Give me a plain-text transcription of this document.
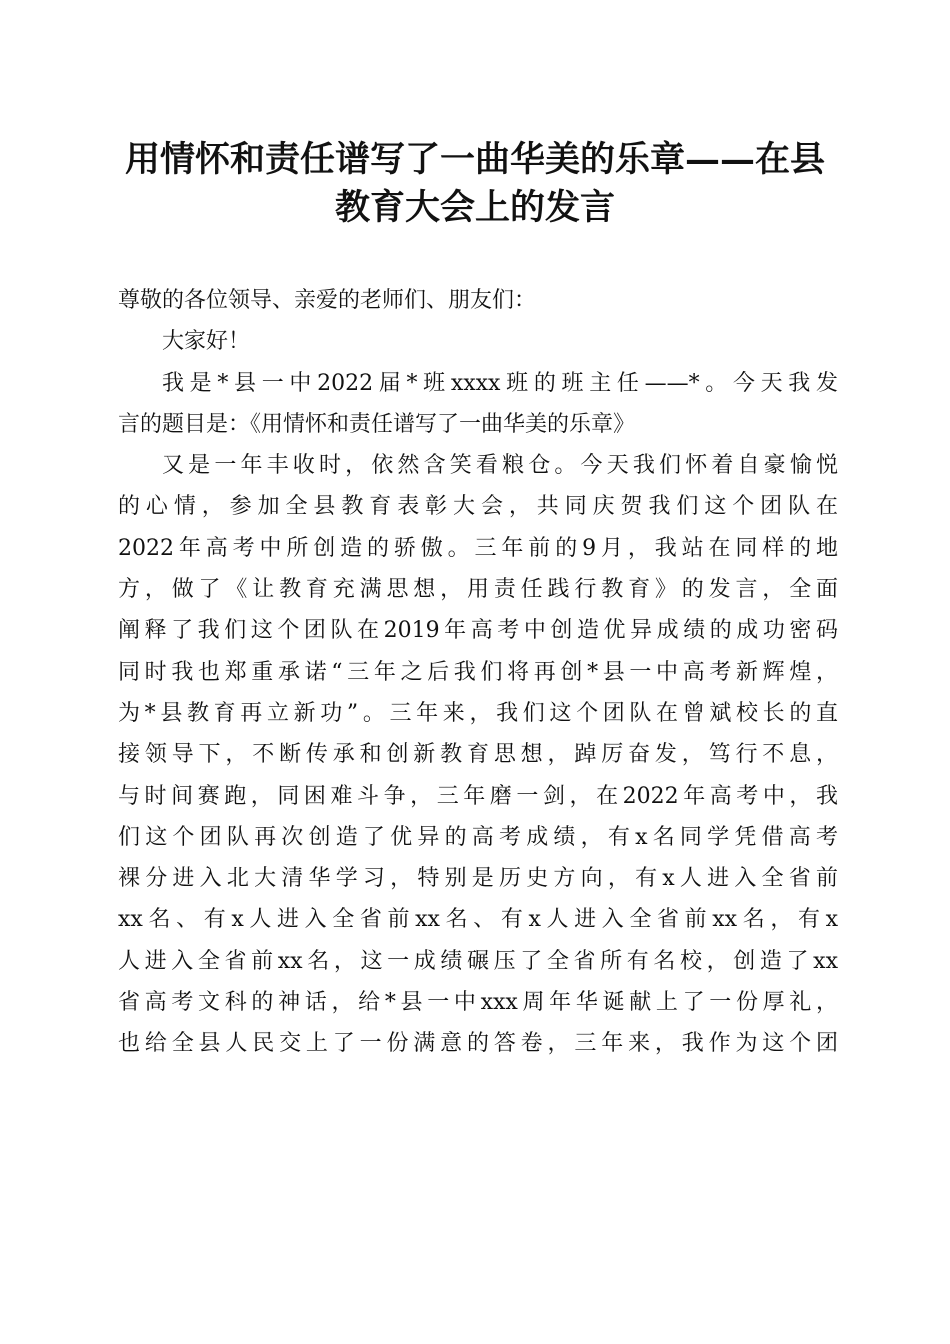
用情怀和责任谱写了一曲华美的乐章——在县
教育大会上的发言
尊敬的各位领导、亲爱的老师们、朋友们：
大家好！
我是*县一中2022届*班xxxx班的班主任——*。今天我发
言的题目是：《用情怀和责任谱写了一曲华美的乐章》
又是一年丰收时，依然含笑看粮仓。今天我们怀着自豪愉悦
的心情，参加全县教育表彰大会，共同庆贺我们这个团队在
2022年高考中所创造的骄傲。三年前的9月，我站在同样的地
方，做了《让教育充满思想，用责任践行教育》的发言，全面
阐释了我们这个团队在2019年高考中创造优异成绩的成功密码
同时我也郑重承诺“三年之后我们将再创*县一中高考新辉煌，
为*县教育再立新功”。三年来，我们这个团队在曾斌校长的直
接领导下，不断传承和创新教育思想，踔厉奋发，笃行不息，
与时间赛跑，同困难斗争，三年磨一剑，在2022年高考中，我
们这个团队再次创造了优异的高考成绩，有x名同学凭借高考
裸分进入北大清华学习，特别是历史方向，有x人进入全省前
xx名、有x人进入全省前xx名、有x人进入全省前xx名，有x
人进入全省前xx名，这一成绩碾压了全省所有名校，创造了xx
省高考文科的神话，给*县一中xxx周年华诞献上了一份厚礼，
也给全县人民交上了一份满意的答卷，三年来，我作为这个团
